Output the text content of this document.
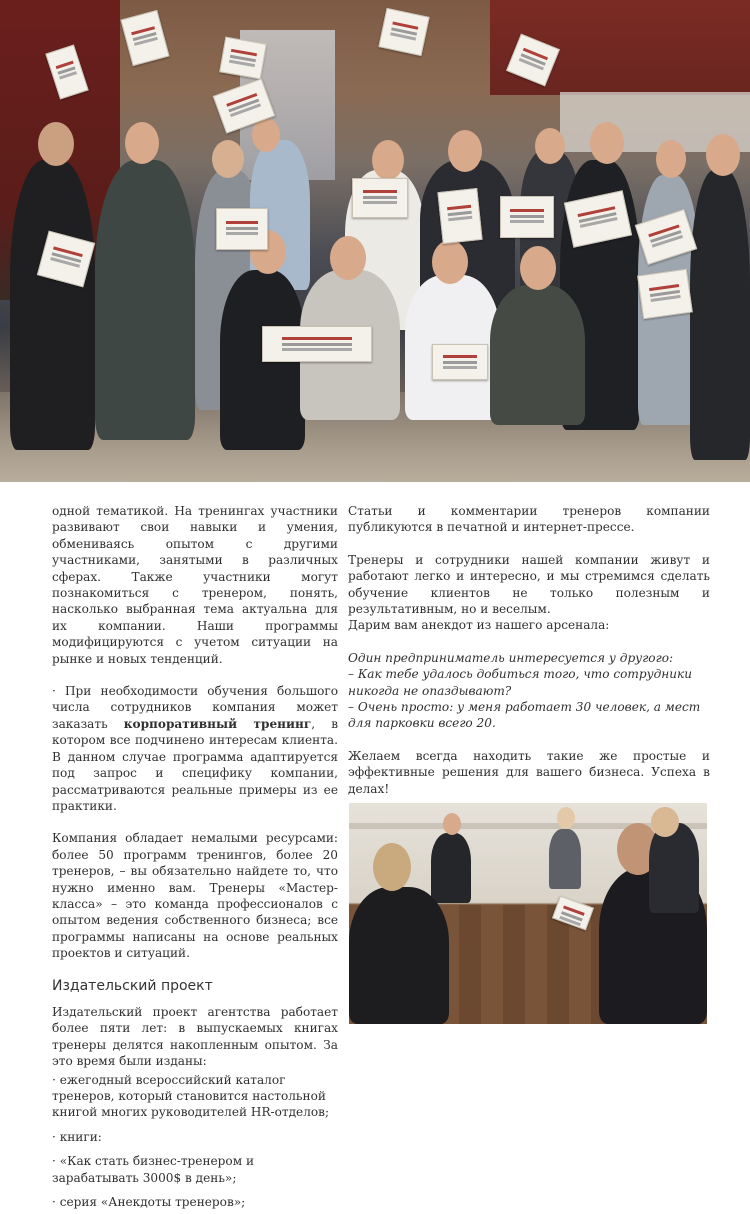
одной тематикой. На тренингах участники развивают свои навыки и умения, обмениваясь опытом с другими участниками, занятыми в различных сферах. Также участники могут познакомиться с тренером, понять, насколько выбранная тема актуальна для их компании. Наши программы модифицируются с учетом ситуации на рынке и новых тенденций.

· При необходимости обучения большого числа сотрудников компания может заказать корпоративный тренинг, в котором все подчинено интересам клиента. В данном случае программа адаптируется под запрос и специфику компании, рассматриваются реальные примеры из ее практики.

Компания обладает немалыми ресурсами: более 50 программ тренингов, более 20 тренеров, – вы обязательно найдете то, что нужно именно вам. Тренеры «Мастер-класса» – это команда профессионалов с опытом ведения собственного бизнеса; все программы написаны на основе реальных проектов и ситуаций.

Издательский проект

Издательский проект агентства работает более пяти лет: в выпускаемых книгах тренеры делятся накопленным опытом. За это время были изданы:

· ежегодный всероссийский каталог тренеров, который становится настольной книгой многих руководителей HR-отделов;

· книги:

· «Как стать бизнес-тренером и зарабатывать 3000$ в день»;

· серия «Анекдоты тренеров»;

Статьи и комментарии тренеров компании публикуются в печатной и интернет-прессе.

Тренеры и сотрудники нашей компании живут и работают легко и интересно, и мы стремимся сделать обучение клиентов не только полезным и результативным, но и веселым.

Дарим вам анекдот из нашего арсенала:

Один предприниматель интересуется у другого:
– Как тебе удалось добиться того, что сотрудники никогда не опаздывают?
– Очень просто: у меня работает 30 человек, а мест для парковки всего 20.

Желаем всегда находить такие же простые и эффективные решения для вашего бизнеса. Успеха в делах!
